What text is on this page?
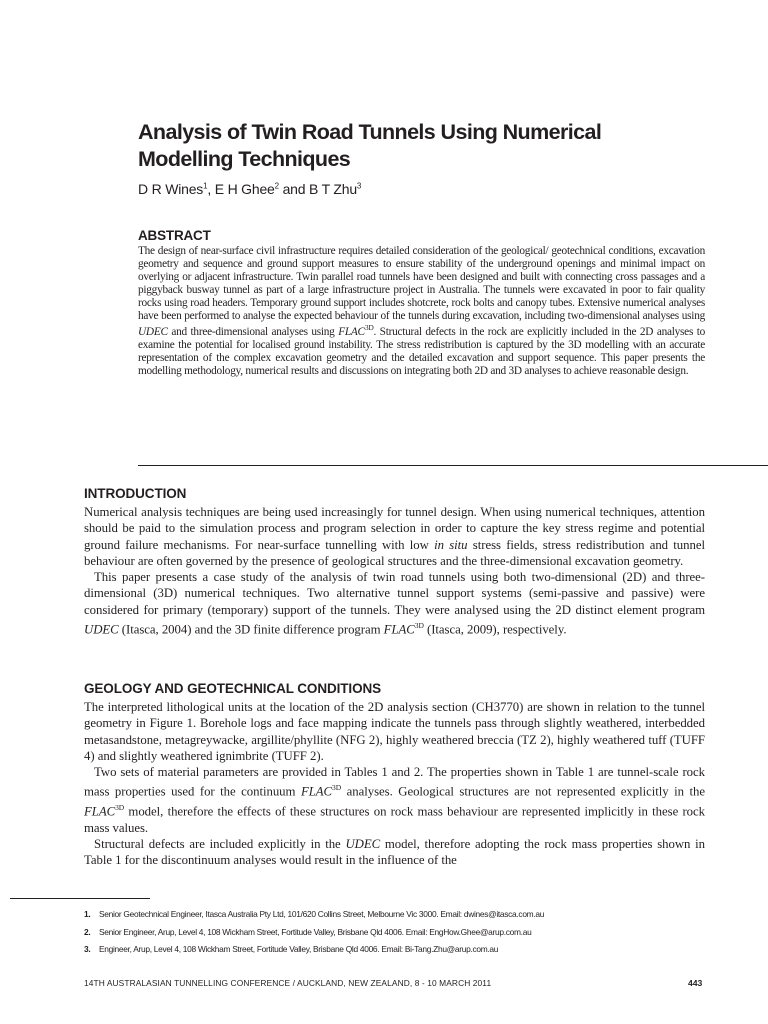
Analysis of Twin Road Tunnels Using Numerical Modelling Techniques
D R Wines$^1$, E H Ghee$^2$ and B T Zhu$^3$
ABSTRACT
The design of near-surface civil infrastructure requires detailed consideration of the geological/ geotechnical conditions, excavation geometry and sequence and ground support measures to ensure stability of the underground openings and minimal impact on overlying or adjacent infrastructure. Twin parallel road tunnels have been designed and built with connecting cross passages and a piggyback busway tunnel as part of a large infrastructure project in Australia. The tunnels were excavated in poor to fair quality rocks using road headers. Temporary ground support includes shotcrete, rock bolts and canopy tubes. Extensive numerical analyses have been performed to analyse the expected behaviour of the tunnels during excavation, including two-dimensional analyses using UDEC and three-dimensional analyses using $FLAC^{3D}$. Structural defects in the rock are explicitly included in the 2D analyses to examine the potential for localised ground instability. The stress redistribution is captured by the 3D modelling with an accurate representation of the complex excavation geometry and the detailed excavation and support sequence. This paper presents the modelling methodology, numerical results and discussions on integrating both 2D and 3D analyses to achieve reasonable design.
INTRODUCTION

Numerical analysis techniques are being used increasingly for tunnel design. When using numerical techniques, attention should be paid to the simulation process and program selection in order to capture the key stress regime and potential ground failure mechanisms. For near-surface tunnelling with low in situ stress fields, stress redistribution and tunnel behaviour are often governed by the presence of geological structures and the three-dimensional excavation geometry.

This paper presents a case study of the analysis of twin road tunnels using both two-dimensional (2D) and three-dimensional (3D) numerical techniques. Two alternative tunnel support systems (semi-passive and passive) were considered for primary (temporary) support of the tunnels. They were analysed using the 2D distinct element program UDEC (Itasca, 2004) and the 3D finite difference program $FLAC^{3D}$ (Itasca, 2009), respectively.

GEOLOGY AND GEOTECHNICAL CONDITIONS

The interpreted lithological units at the location of the 2D analysis section (CH3770) are shown in relation to the tunnel geometry in Figure 1. Borehole logs and face mapping indicate the tunnels pass through slightly weathered, interbedded metasandstone, metagreywacke, argillite/phyllite (NFG 2), highly weathered breccia (TZ 2), highly weathered tuff (TUFF 4) and slightly weathered ignimbrite (TUFF 2).

Two sets of material parameters are provided in Tables 1 and 2. The properties shown in Table 1 are tunnel-scale rock mass properties used for the continuum $FLAC^{3D}$ analyses. Geological structures are not represented explicitly in the $FLAC^{3D}$ model, therefore the effects of these structures on rock mass behaviour are represented implicitly in these rock mass values.

Structural defects are included explicitly in the UDEC model, therefore adopting the rock mass properties shown in Table 1 for the discontinuum analyses would result in the influence of the

1. Senior Geotechnical Engineer, Itasca Australia Pty Ltd, 101/620 Collins Street, Melbourne Vic 3000. Email: dwines@itasca.com.au
2. Senior Engineer, Arup, Level 4, 108 Wickham Street, Fortitude Valley, Brisbane Qld 4006. Email: EngHow.Ghee@arup.com.au
3. Engineer, Arup, Level 4, 108 Wickham Street, Fortitude Valley, Brisbane Qld 4006. Email: Bi-Tang.Zhu@arup.com.au
14TH AUSTRALASIAN TUNNELLING CONFERENCE / AUCKLAND, NEW ZEALAND, 8 - 10 MARCH 2011	443
